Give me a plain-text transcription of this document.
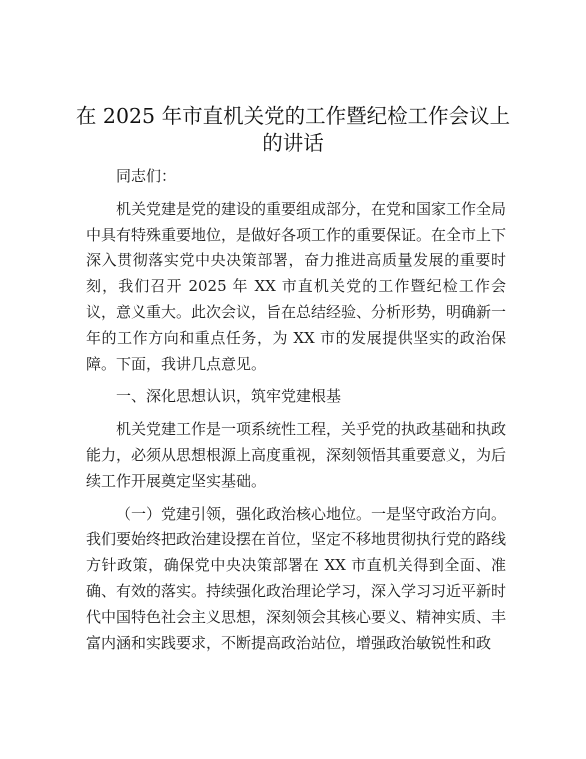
在 2025 年市直机关党的工作暨纪检工作会议上
的讲话

同志们：

机关党建是党的建设的重要组成部分，在党和国家工作全局中具有特殊重要地位，是做好各项工作的重要保证。在全市上下深入贯彻落实党中央决策部署，奋力推进高质量发展的重要时刻，我们召开 2025 年 XX 市直机关党的工作暨纪检工作会议，意义重大。此次会议，旨在总结经验、分析形势，明确新一年的工作方向和重点任务，为 XX 市的发展提供坚实的政治保障。下面，我讲几点意见。

一、深化思想认识，筑牢党建根基

机关党建工作是一项系统性工程，关乎党的执政基础和执政能力，必须从思想根源上高度重视，深刻领悟其重要意义，为后续工作开展奠定坚实基础。

（一）党建引领，强化政治核心地位。一是坚守政治方向。我们要始终把政治建设摆在首位，坚定不移地贯彻执行党的路线方针政策，确保党中央决策部署在 XX 市直机关得到全面、准确、有效的落实。持续强化政治理论学习，深入学习习近平新时代中国特色社会主义思想，深刻领会其核心要义、精神实质、丰富内涵和实践要求，不断提高政治站位，增强政治敏锐性和政
